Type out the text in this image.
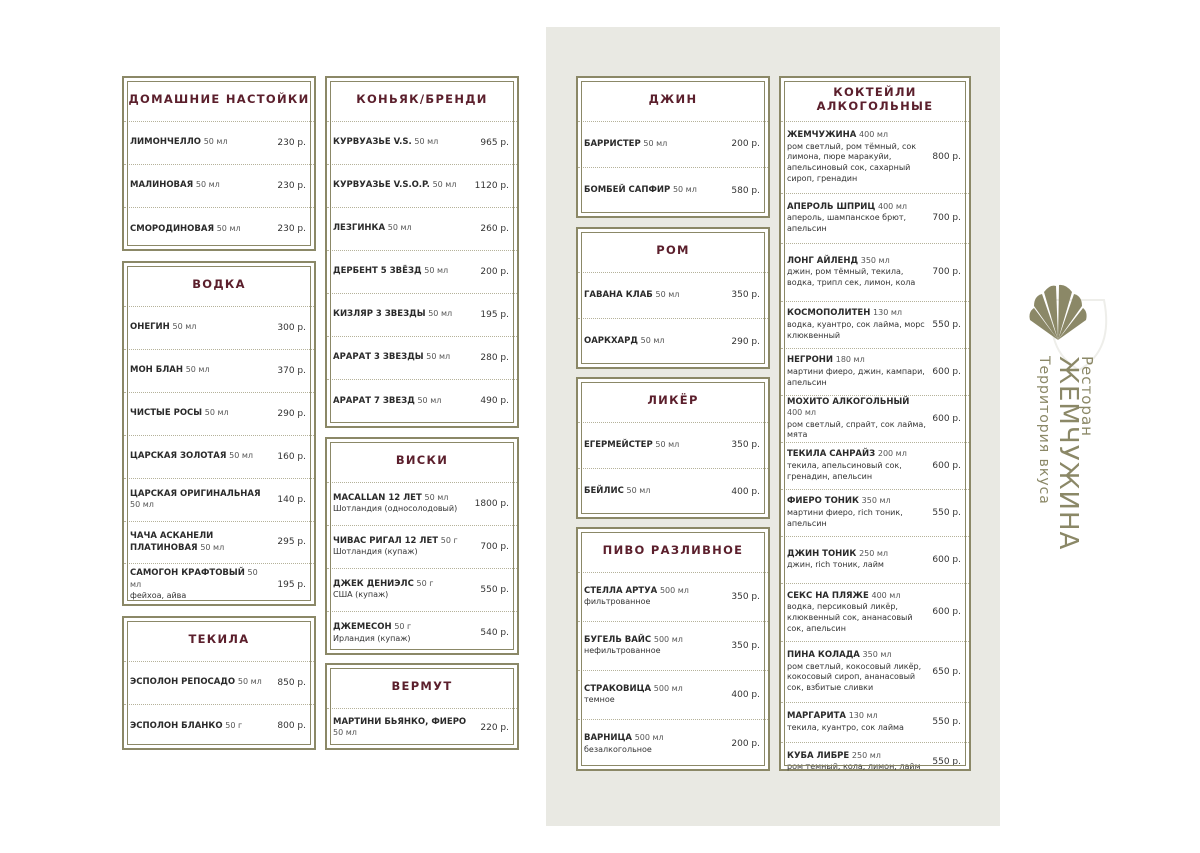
Ресторан
ЖЕМЧУЖИНА
Территория вкуса
ДОМАШНИЕ НАСТОЙКИ
ЛИМОНЧЕЛЛО 50 мл	230 р.
МАЛИНОВАЯ 50 мл	230 р.
СМОРОДИНОВАЯ 50 мл	230 р.
ВОДКА
ОНЕГИН 50 мл	300 р.
МОН БЛАН 50 мл	370 р.
ЧИСТЫЕ РОСЫ 50 мл	290 р.
ЦАРСКАЯ ЗОЛОТАЯ 50 мл	160 р.
ЦАРСКАЯ ОРИГИНАЛЬНАЯ 50 мл	140 р.
ЧАЧА АСКАНЕЛИ ПЛАТИНОВАЯ 50 мл	295 р.
САМОГОН КРАФТОВЫЙ 50 мл
фейхоа, айва
195 р.
ТЕКИЛА
ЭСПОЛОН РЕПОСАДО 50 мл	850 р.
ЭСПОЛОН БЛАНКО 50 г	800 р.
КОНЬЯК/БРЕНДИ
КУРВУАЗЬЕ V.S. 50 мл	965 р.
КУРВУАЗЬЕ V.S.O.P. 50 мл	1120 р.
ЛЕЗГИНКА 50 мл	260 р.
ДЕРБЕНТ 5 ЗВЁЗД 50 мл	200 р.
КИЗЛЯР 3 ЗВЕЗДЫ 50 мл	195 р.
АРАРАТ 3 ЗВЕЗДЫ 50 мл	280 р.
АРАРАТ 7 ЗВЕЗД 50 мл	490 р.
ВИСКИ
MACALLAN 12 ЛЕТ 50 мл
Шотландия (односолодовый)	1800 р.
ЧИВАС РИГАЛ 12 ЛЕТ 50 г
Шотландия (купаж)	700 р.
ДЖЕК ДЕНИЭЛС 50 г
США (купаж)	550 р.
ДЖЕМЕСОН 50 г
Ирландия (купаж)	540 р.
ВЕРМУТ
МАРТИНИ БЬЯНКО, ФИЕРО 50 мл	220 р.
ДЖИН
БАРРИСТЕР 50 мл	200 р.
БОМБЕЙ САПФИР 50 мл	580 р.
РОМ
ГАВАНА КЛАБ 50 мл	350 р.
ОАРКХАРД 50 мл	290 р.
ЛИКЁР
ЕГЕРМЕЙСТЕР 50 мл	350 р.
БЕЙЛИС 50 мл	400 р.
ПИВО РАЗЛИВНОЕ
СТЕЛЛА АРТУА 500 мл
фильтрованное	350 р.
БУГЕЛЬ ВАЙС 500 мл
нефильтрованное	350 р.
СТРАКОВИЦА 500 мл
темное	400 р.
ВАРНИЦА 500 мл
безалкогольное	200 р.
КОКТЕЙЛИ АЛКОГОЛЬНЫЕ
ЖЕМЧУЖИНА 400 мл
ром светлый, ром тёмный, сок лимона, пюре маракуйи, апельсиновый сок, сахарный сироп, гренадин
800 р.
АПЕРОЛЬ ШПРИЦ 400 мл
апероль, шампанское брют, апельсин
700 р.
ЛОНГ АЙЛЕНД 350 мл
джин, ром тёмный, текила, водка, трипл сек, лимон, кола
700 р.
КОСМОПОЛИТЕН 130 мл
водка, куантро, сок лайма, морс клюквенный
550 р.
НЕГРОНИ 180 мл
мартини фиеро, джин, кампари, апельсин
600 р.
МОХИТО АЛКОГОЛЬНЫЙ 400 мл
ром светлый, спрайт, сок лайма, мята
600 р.
ТЕКИЛА САНРАЙЗ 200 мл
текила, апельсиновый сок, гренадин, апельсин
600 р.
ФИЕРО ТОНИК 350 мл
мартини фиеро, rich тоник, апельсин
550 р.
ДЖИН ТОНИК 250 мл
джин, rich тоник, лайм	600 р.
СЕКС НА ПЛЯЖЕ 400 мл
водка, персиковый ликёр, клюквенный сок, ананасовый сок, апельсин
600 р.
ПИНА КОЛАДА 350 мл
ром светлый, кокосовый ликёр, кокосовый сироп, ананасовый сок, взбитые сливки
650 р.
МАРГАРИТА 130 мл
текила, куантро, сок лайма	550 р.
КУБА ЛИБРЕ 250 мл
ром темный, кола, лимон, лайм	550 р.
